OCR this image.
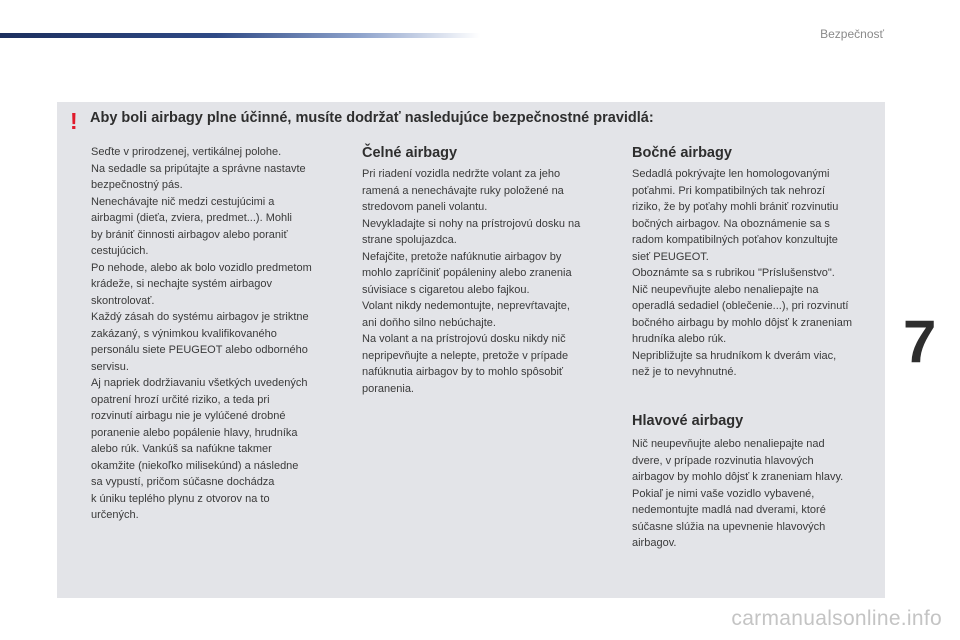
Bezpečnosť
7
! Aby boli airbagy plne účinné, musíte dodržať nasledujúce bezpečnostné pravidlá:
Seďte v prirodzenej, vertikálnej polohe.
Na sedadle sa pripútajte a správne nastavte
bezpečnostný pás.
Nenechávajte nič medzi cestujúcimi a
airbagmi (dieťa, zviera, predmet...). Mohli
by brániť činnosti airbagov alebo poraniť
cestujúcich.
Po nehode, alebo ak bolo vozidlo predmetom
krádeže, si nechajte systém airbagov
skontrolovať.
Každý zásah do systému airbagov je striktne
zakázaný, s výnimkou kvalifikovaného
personálu siete PEUGEOT alebo odborného
servisu.
Aj napriek dodržiavaniu všetkých uvedených
opatrení hrozí určité riziko, a teda pri
rozvinutí airbagu nie je vylúčené drobné
poranenie alebo popálenie hlavy, hrudníka
alebo rúk. Vankúš sa nafúkne takmer
okamžite (niekoľko milisekúnd) a následne
sa vypustí, pričom súčasne dochádza
k úniku teplého plynu z otvorov na to
určených.
Čelné airbagy
Pri riadení vozidla nedržte volant za jeho
ramená a nenechávajte ruky položené na
stredovom paneli volantu.
Nevykladajte si nohy na prístrojovú dosku na
strane spolujazdca.
Nefajčite, pretože nafúknutie airbagov by
mohlo zapríčiniť popáleniny alebo zranenia
súvisiace s cigaretou alebo fajkou.
Volant nikdy nedemontujte, neprevŕtavajte,
ani doňho silno nebúchajte.
Na volant a na prístrojovú dosku nikdy nič
nepripevňujte a nelepte, pretože v prípade
nafúknutia airbagov by to mohlo spôsobiť
poranenia.
Bočné airbagy
Sedadlá pokrývajte len homologovanými
poťahmi. Pri kompatibilných tak nehrozí
riziko, že by poťahy mohli brániť rozvinutiu
bočných airbagov. Na oboznámenie sa s
radom kompatibilných poťahov konzultujte
sieť PEUGEOT.
Oboznámte sa s rubrikou "Príslušenstvo".
Nič neupevňujte alebo nenaliepajte na
operadlá sedadiel (oblečenie...), pri rozvinutí
bočného airbagu by mohlo dôjsť k zraneniam
hrudníka alebo rúk.
Nepribližujte sa hrudníkom k dverám viac,
než je to nevyhnutné.
Hlavové airbagy
Nič neupevňujte alebo nenaliepajte nad
dvere, v prípade rozvinutia hlavových
airbagov by mohlo dôjsť k zraneniam hlavy.
Pokiaľ je nimi vaše vozidlo vybavené,
nedemontujte madlá nad dverami, ktoré
súčasne slúžia na upevnenie hlavových
airbagov.
carmanualsonline.info
